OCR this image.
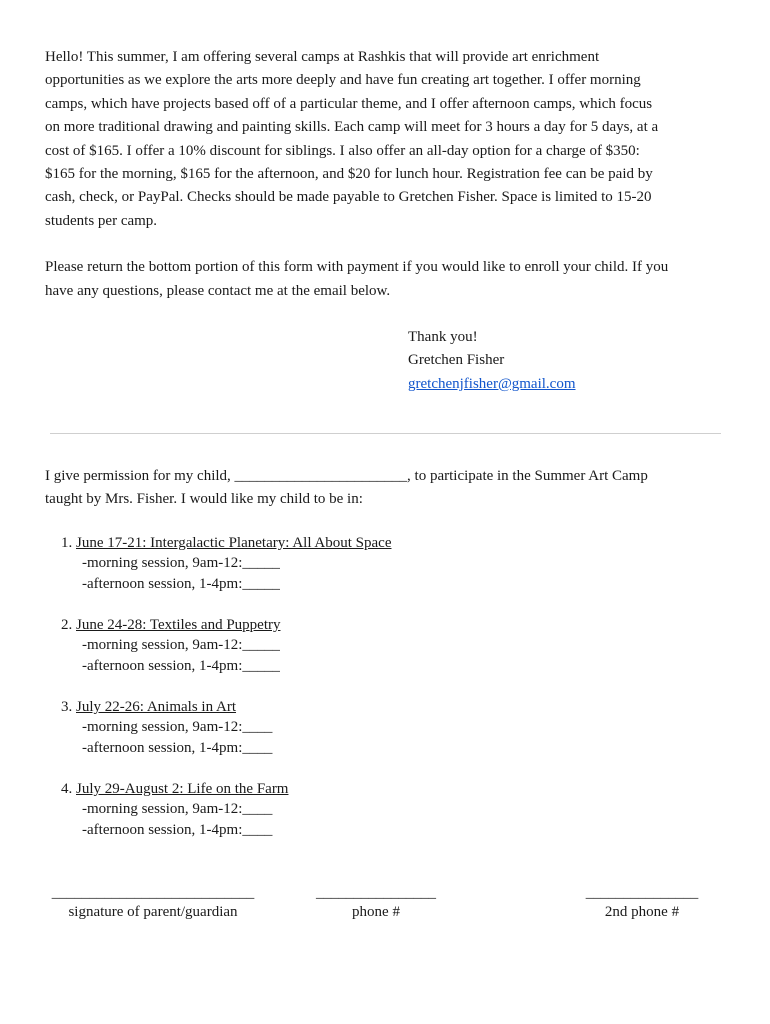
Hello! This summer, I am offering several camps at Rashkis that will provide art enrichment
opportunities as we explore the arts more deeply and have fun creating art together. I offer morning
camps, which have projects based off of a particular theme, and I offer afternoon camps, which focus
on more traditional drawing and painting skills. Each camp will meet for 3 hours a day for 5 days, at a
cost of $165. I offer a 10% discount for siblings. I also offer an all-day option for a charge of $350:
$165 for the morning, $165 for the afternoon, and $20 for lunch hour. Registration fee can be paid by
cash, check, or PayPal. Checks should be made payable to Gretchen Fisher. Space is limited to 15-20
students per camp.

Please return the bottom portion of this form with payment if you would like to enroll your child. If you
have any questions, please contact me at the email below.

Thank you!
Gretchen Fisher
gretchenjfisher@gmail.com

I give permission for my child, _______________________, to participate in the Summer Art Camp
taught by Mrs. Fisher. I would like my child to be in:

1. June 17-21: Intergalactic Planetary: All About Space
-morning session, 9am-12:_____
-afternoon session, 1-4pm:_____
2. June 24-28: Textiles and Puppetry
-morning session, 9am-12:_____
-afternoon session, 1-4pm:_____
3. July 22-26: Animals in Art
-morning session, 9am-12:____
-afternoon session, 1-4pm:____
4. July 29-August 2: Life on the Farm
-morning session, 9am-12:____
-afternoon session, 1-4pm:____
___________________________
signature of parent/guardian
________________
phone #
_______________
2nd phone #
